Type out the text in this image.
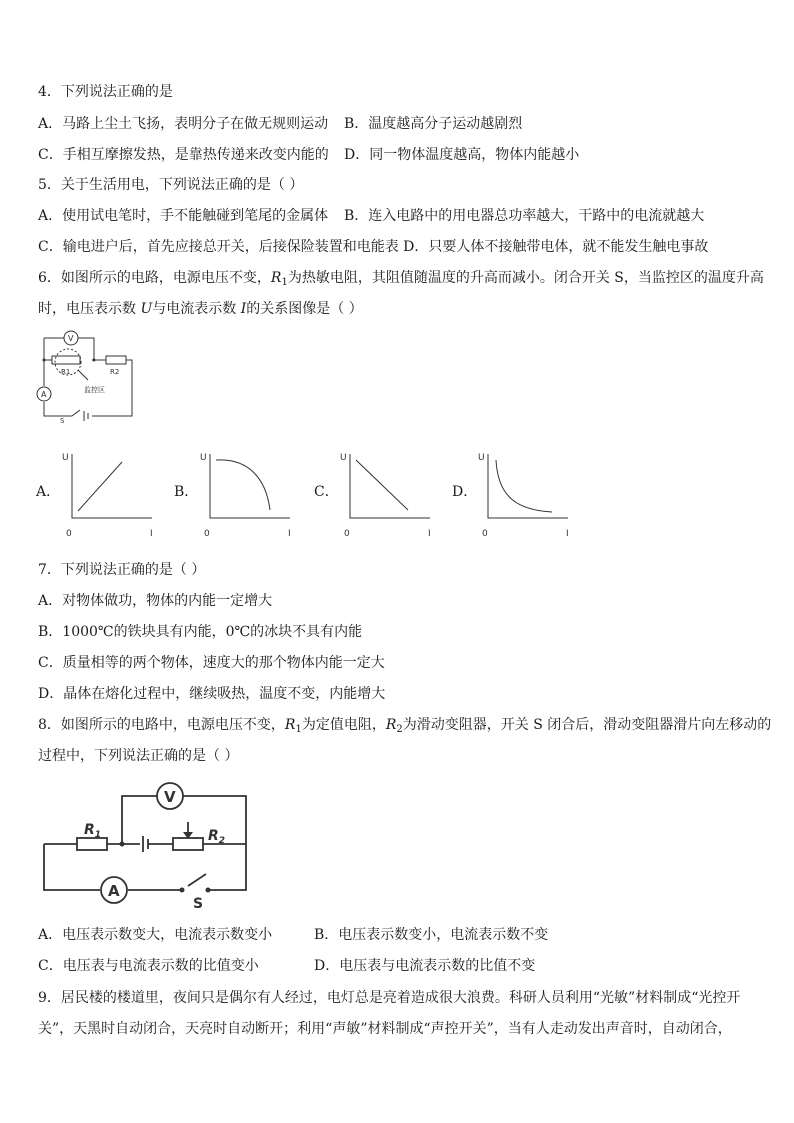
4．下列说法正确的是
A．马路上尘土飞扬，表明分子在做无规则运动 B．温度越高分子运动越剧烈
C．手相互摩擦发热，是靠热传递来改变内能的 D．同一物体温度越高，物体内能越小
5．关于生活用电，下列说法正确的是（ ）
A．使用试电笔时，手不能触碰到笔尾的金属体 B．连入电路中的用电器总功率越大，干路中的电流就越大
C．输电进户后，首先应接总开关，后接保险装置和电能表 D．只要人体不接触带电体，就不能发生触电事故
6．如图所示的电路，电源电压不变，$R_1$为热敏电阻，其阻值随温度的升高而减小。闭合开关 S，当监控区的温度升高
时，电压表示数 U与电流表示数 I的关系图像是（ ）
V
A
R1	R2
监控区
S
A．
U
I
0
B．
U
I
0
C．
U
I
0
D．
U
I
0
7．下列说法正确的是（ ）
A．对物体做功，物体的内能一定增大
B．1000℃的铁块具有内能，0℃的冰块不具有内能
C．质量相等的两个物体，速度大的那个物体内能一定大
D．晶体在熔化过程中，继续吸热，温度不变，内能增大
8．如图所示的电路中，电源电压不变，$R_1$为定值电阻，$R_2$为滑动变阻器，开关 S 闭合后，滑动变阻器滑片向左移动的
过程中，下列说法正确的是（ ）
V
A
$R_1$	$R_2$
S
A．电压表示数变大，电流表示数变小	B．电压表示数变小，电流表示数不变
C．电压表与电流表示数的比值变小	D．电压表与电流表示数的比值不变
9．居民楼的楼道里，夜间只是偶尔有人经过，电灯总是亮着造成很大浪费。科研人员利用“光敏”材料制成“光控开
关”，天黑时自动闭合，天亮时自动断开；利用“声敏”材料制成“声控开关”，当有人走动发出声音时，自动闭合，
